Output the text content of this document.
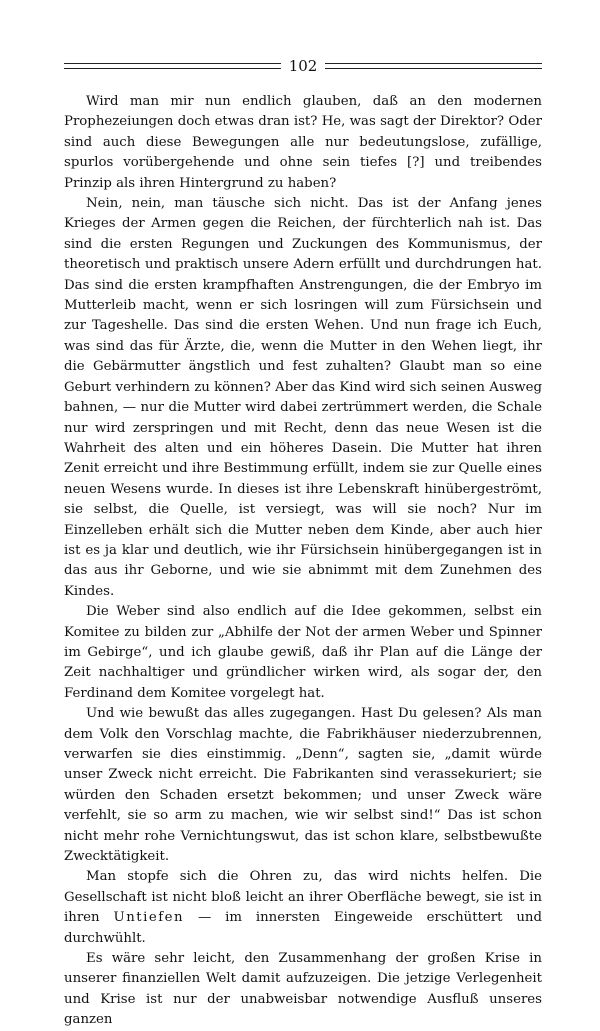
102

Wird man mir nun endlich glauben, daß an den modernen Prophezeiungen doch etwas dran ist? He, was sagt der Direktor? Oder sind auch diese Bewegungen alle nur bedeutungslose, zufällige, spurlos vorübergehende und ohne sein tiefes [?] und treibendes Prinzip als ihren Hintergrund zu haben?

Nein, nein, man täusche sich nicht. Das ist der Anfang jenes Krieges der Armen gegen die Reichen, der fürchterlich nah ist. Das sind die ersten Regungen und Zuckungen des Kommunismus, der theoretisch und praktisch unsere Adern erfüllt und durchdrungen hat. Das sind die ersten krampfhaften Anstrengungen, die der Embryo im Mutterleib macht, wenn er sich losringen will zum Fürsichsein und zur Tageshelle. Das sind die ersten Wehen. Und nun frage ich Euch, was sind das für Ärzte, die, wenn die Mutter in den Wehen liegt, ihr die Gebärmutter ängstlich und fest zuhalten? Glaubt man so eine Geburt verhindern zu können? Aber das Kind wird sich seinen Ausweg bahnen, — nur die Mutter wird dabei zertrümmert werden, die Schale nur wird zerspringen und mit Recht, denn das neue Wesen ist die Wahrheit des alten und ein höheres Dasein. Die Mutter hat ihren Zenit erreicht und ihre Bestimmung erfüllt, indem sie zur Quelle eines neuen Wesens wurde. In dieses ist ihre Lebenskraft hinübergeströmt, sie selbst, die Quelle, ist versiegt, was will sie noch? Nur im Einzelleben erhält sich die Mutter neben dem Kinde, aber auch hier ist es ja klar und deutlich, wie ihr Fürsichsein hinübergegangen ist in das aus ihr Geborne, und wie sie abnimmt mit dem Zunehmen des Kindes.

Die Weber sind also endlich auf die Idee gekommen, selbst ein Komitee zu bilden zur „Abhilfe der Not der armen Weber und Spinner im Gebirge“, und ich glaube gewiß, daß ihr Plan auf die Länge der Zeit nachhaltiger und gründlicher wirken wird, als sogar der, den Ferdinand dem Komitee vorgelegt hat.

Und wie bewußt das alles zugegangen. Hast Du gelesen? Als man dem Volk den Vorschlag machte, die Fabrikhäuser niederzubrennen, verwarfen sie dies einstimmig. „Denn“, sagten sie, „damit würde unser Zweck nicht erreicht. Die Fabrikanten sind verassekuriert; sie würden den Schaden ersetzt bekommen; und unser Zweck wäre verfehlt, sie so arm zu machen, wie wir selbst sind!“ Das ist schon nicht mehr rohe Vernichtungswut, das ist schon klare, selbstbewußte Zwecktätigkeit.

Man stopfe sich die Ohren zu, das wird nichts helfen. Die Gesellschaft ist nicht bloß leicht an ihrer Oberfläche bewegt, sie ist in ihren Untiefen — im innersten Eingeweide erschüttert und durchwühlt.

Es wäre sehr leicht, den Zusammenhang der großen Krise in unserer finanziellen Welt damit aufzuzeigen. Die jetzige Verlegenheit und Krise ist nur der unabweisbar notwendige Ausfluß unseres ganzen
